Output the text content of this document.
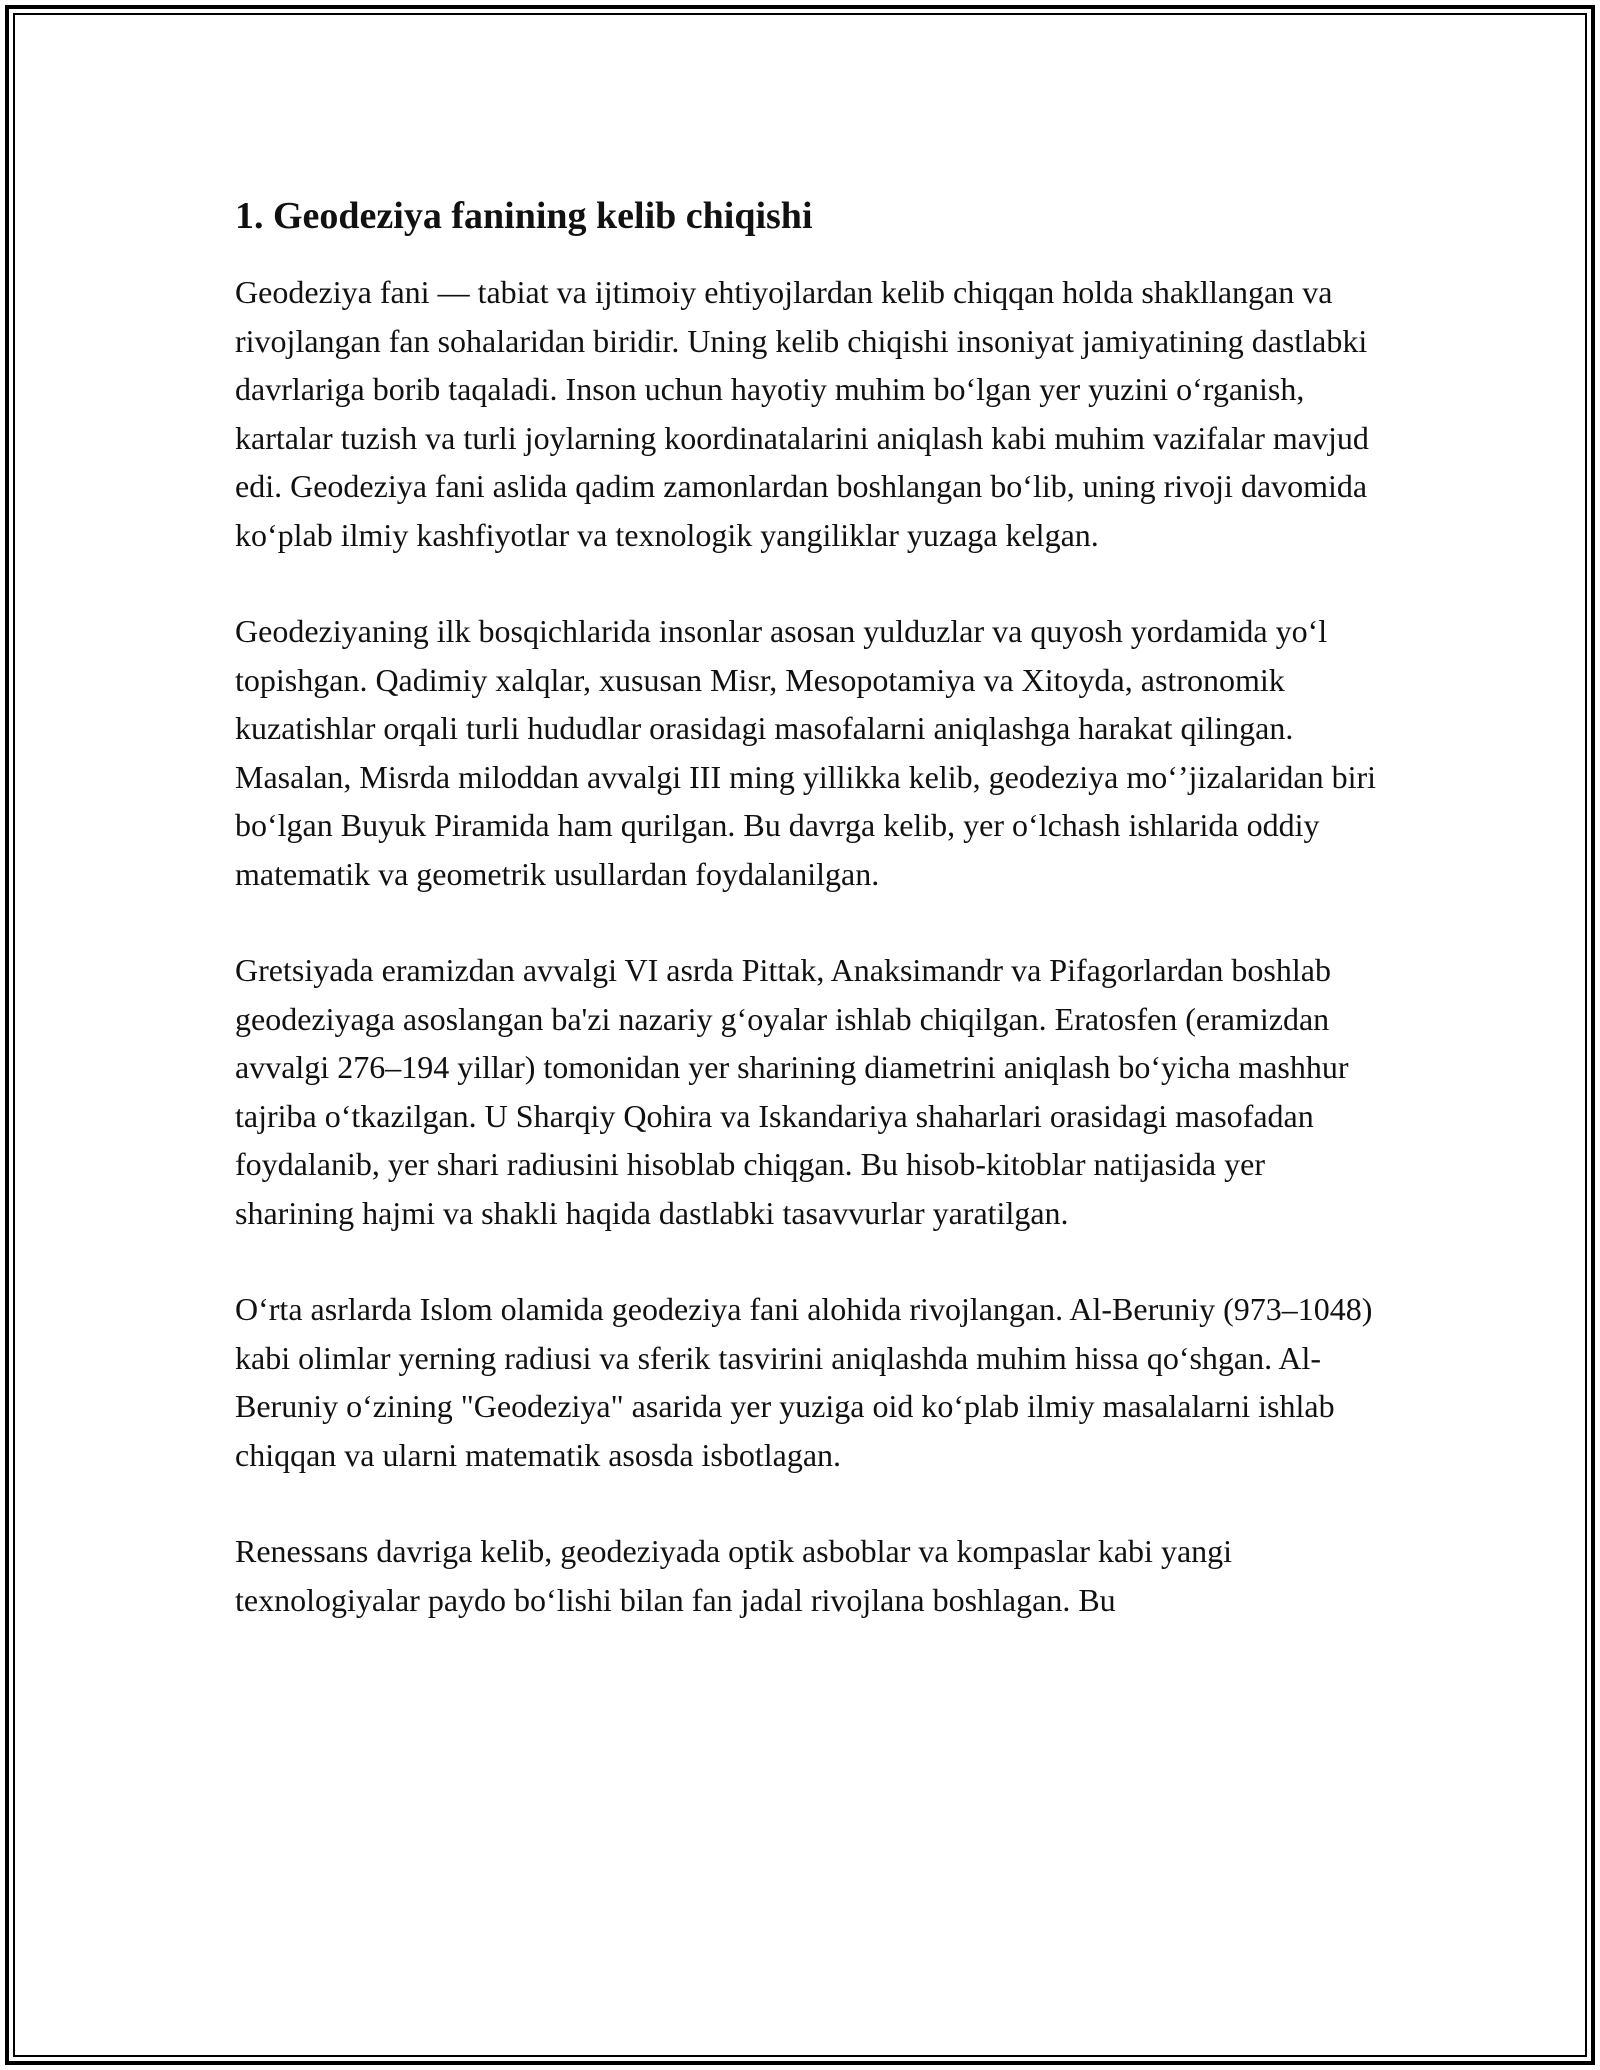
1. Geodeziya fanining kelib chiqishi

Geodeziya fani — tabiat va ijtimoiy ehtiyojlardan kelib chiqqan holda shakllangan va rivojlangan fan sohalaridan biridir. Uning kelib chiqishi insoniyat jamiyatining dastlabki davrlariga borib taqaladi. Inson uchun hayotiy muhim boʻlgan yer yuzini oʻrganish, kartalar tuzish va turli joylarning koordinatalarini aniqlash kabi muhim vazifalar mavjud edi. Geodeziya fani aslida qadim zamonlardan boshlangan boʻlib, uning rivoji davomida koʻplab ilmiy kashfiyotlar va texnologik yangiliklar yuzaga kelgan.

Geodeziyaning ilk bosqichlarida insonlar asosan yulduzlar va quyosh yordamida yoʻl topishgan. Qadimiy xalqlar, xususan Misr, Mesopotamiya va Xitoyda, astronomik kuzatishlar orqali turli hududlar orasidagi masofalarni aniqlashga harakat qilingan. Masalan, Misrda miloddan avvalgi III ming yillikka kelib, geodeziya moʻʼjizalaridan biri boʻlgan Buyuk Piramida ham qurilgan. Bu davrga kelib, yer oʻlchash ishlarida oddiy matematik va geometrik usullardan foydalanilgan.

Gretsiyada eramizdan avvalgi VI asrda Pittak, Anaksimandr va Pifagorlardan boshlab geodeziyaga asoslangan ba'zi nazariy gʻoyalar ishlab chiqilgan. Eratosfen (eramizdan avvalgi 276–194 yillar) tomonidan yer sharining diametrini aniqlash boʻyicha mashhur tajriba oʻtkazilgan. U Sharqiy Qohira va Iskandariya shaharlari orasidagi masofadan foydalanib, yer shari radiusini hisoblab chiqgan. Bu hisob-kitoblar natijasida yer sharining hajmi va shakli haqida dastlabki tasavvurlar yaratilgan.

Oʻrta asrlarda Islom olamida geodeziya fani alohida rivojlangan. Al-Beruniy (973–1048) kabi olimlar yerning radiusi va sferik tasvirini aniqlashda muhim hissa qoʻshgan. Al-Beruniy oʻzining "Geodeziya" asarida yer yuziga oid koʻplab ilmiy masalalarni ishlab chiqqan va ularni matematik asosda isbotlagan.

Renessans davriga kelib, geodeziyada optik asboblar va kompaslar kabi yangi texnologiyalar paydo boʻlishi bilan fan jadal rivojlana boshlagan. Bu
